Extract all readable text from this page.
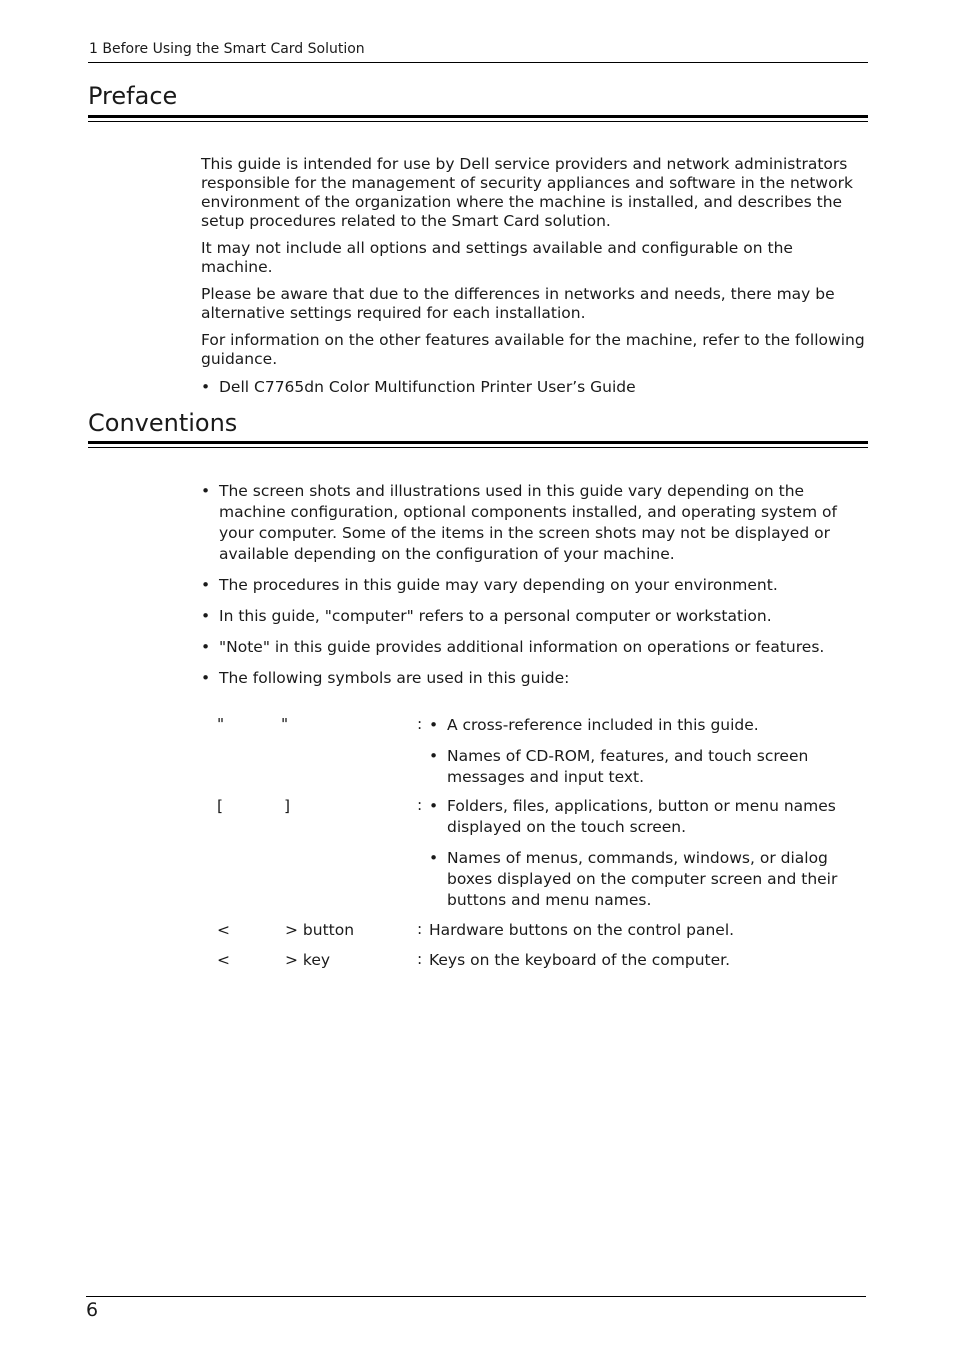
1 Before Using the Smart Card Solution
Preface

This guide is intended for use by Dell service providers and network administrators responsible for the management of security appliances and software in the network environment of the organization where the machine is installed, and describes the setup procedures related to the Smart Card solution.

It may not include all options and settings available and configurable on the machine.

Please be aware that due to the differences in networks and needs, there may be alternative settings required for each installation.

For information on the other features available for the machine, refer to the following guidance.

• Dell C7765dn Color Multifunction Printer User’s Guide
Conventions
• The screen shots and illustrations used in this guide vary depending on the machine configuration, optional components installed, and operating system of your computer. Some of the items in the screen shots may not be displayed or available depending on the configuration of your machine.
• The procedures in this guide may vary depending on your environment.
• In this guide, "computer" refers to a personal computer or workstation.
• "Note" in this guide provides additional information on operations or features.
• The following symbols are used in this guide:
"	"	:	• A cross-reference included in this guide.
• Names of CD-ROM, features, and touch screen messages and input text.
[	]	:	• Folders, files, applications, button or menu names displayed on the touch screen.
• Names of menus, commands, windows, or dialog boxes displayed on the computer screen and their buttons and menu names.
<	> button	: Hardware buttons on the control panel.
<	> key	: Keys on the keyboard of the computer.
6
